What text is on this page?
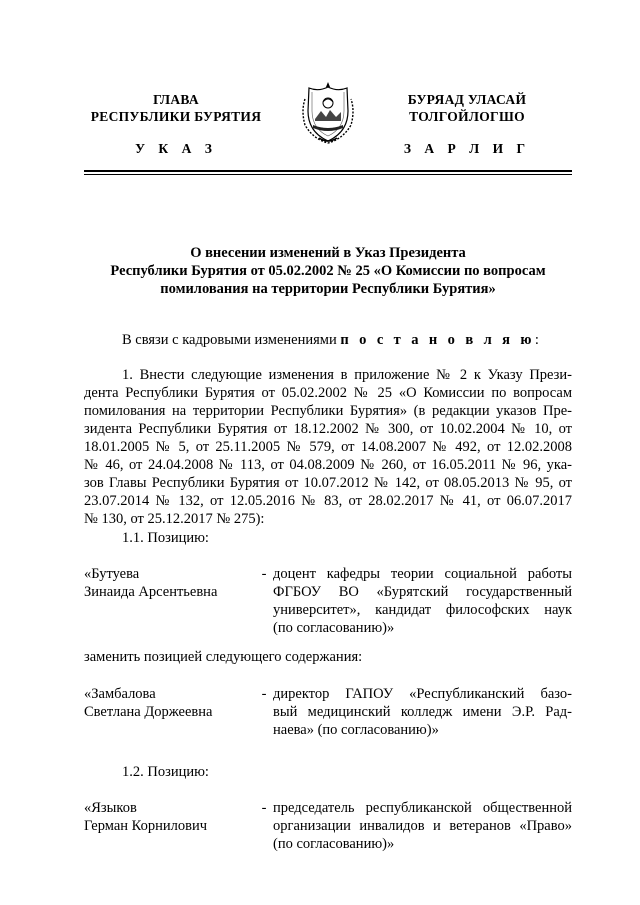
ГЛАВА
РЕСПУБЛИКИ БУРЯТИЯ
БУРЯАД УЛАСАЙ
ТОЛГОЙЛОГШО
У К А З	З А Р Л И Г
О внесении изменений в Указ Президента
Республики Бурятия от 05.02.2002 № 25 «О Комиссии по вопросам
помилования на территории Республики Бурятия»
В связи с кадровыми изменениями п о с т а н о в л я ю:
1. Внести следующие изменения в приложение № 2 к Указу Прези-
дента Республики Бурятия от 05.02.2002 № 25 «О Комиссии по вопросам
помилования на территории Республики Бурятия» (в редакции указов Пре-
зидента Республики Бурятия от 18.12.2002 № 300, от 10.02.2004 № 10, от
18.01.2005 № 5, от 25.11.2005 № 579, от 14.08.2007 № 492, от 12.02.2008
№ 46, от 24.04.2008 № 113, от 04.08.2009 № 260, от 16.05.2011 № 96, ука-
зов Главы Республики Бурятия от 10.07.2012 № 142, от 08.05.2013 № 95, от
23.07.2014 № 132, от 12.05.2016 № 83, от 28.02.2017 № 41, от 06.07.2017
№ 130, от 25.12.2017 № 275):
1.1. Позицию:
«Бутуева
Зинаида Арсентьевна
- доцент кафедры теории социальной работы
ФГБОУ ВО «Бурятский государственный
университет», кандидат философских наук
(по согласованию)»
заменить позицией следующего содержания:
«Замбалова
Светлана Доржеевна
- директор ГАПОУ «Республиканский базо-
вый медицинский колледж имени Э.Р. Рад-
наева» (по согласованию)»
1.2. Позицию:
«Языков
Герман Корнилович
- председатель республиканской общественной
организации инвалидов и ветеранов «Право»
(по согласованию)»
